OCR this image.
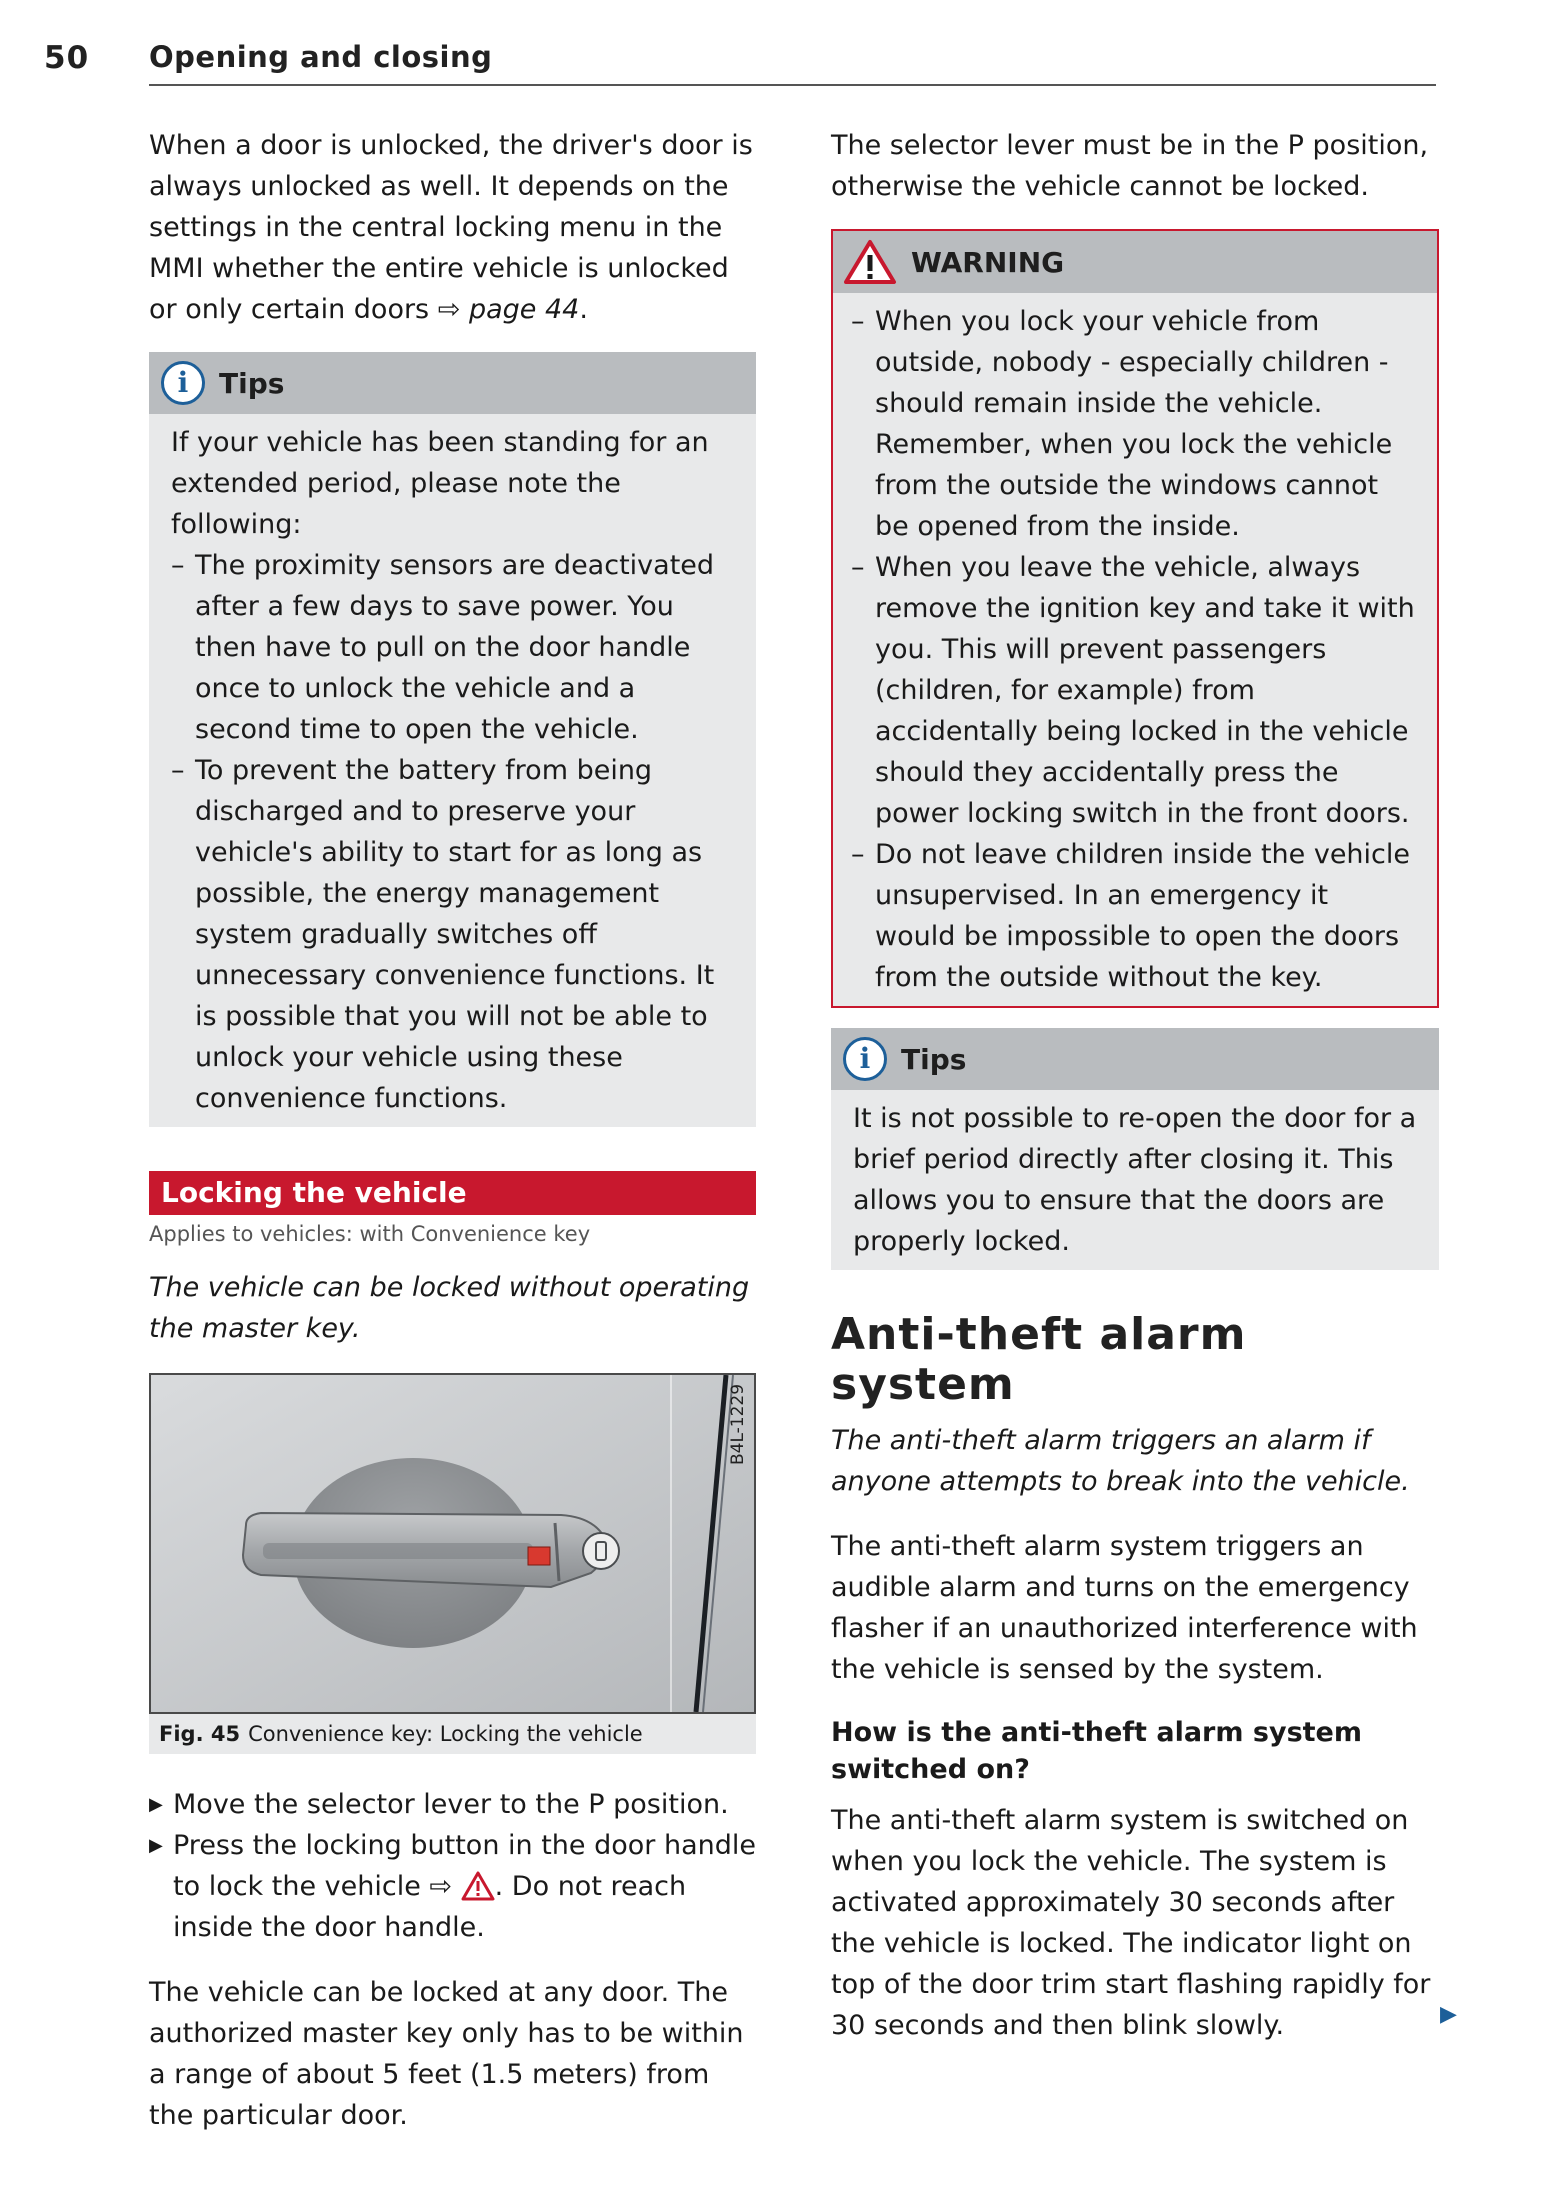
50 Opening and closing

When a door is unlocked, the driver's door is always unlocked as well. It depends on the settings in the central locking menu in the MMI whether the entire vehicle is unlocked or only certain doors ⇨ page 44.

i	Tips

If your vehicle has been standing for an extended period, please note the following:

– The proximity sensors are deactivated after a few days to save power. You then have to pull on the door handle once to unlock the vehicle and a second time to open the vehicle.
– To prevent the battery from being discharged and to preserve your vehicle's ability to start for as long as possible, the energy management system gradually switches off unnecessary convenience functions. It is possible that you will not be able to unlock your vehicle using these convenience functions.
Locking the vehicle
Applies to vehicles: with Convenience key

The vehicle can be locked without operating the master key.

B4L-1229
Fig. 45 Convenience key: Locking the vehicle
▶ Move the selector lever to the P position.
▶ Press the locking button in the door handle to lock the vehicle ⇨ . Do not reach inside the door handle.

The vehicle can be locked at any door. The authorized master key only has to be within a range of about 5 feet (1.5 meters) from the particular door.

The selector lever must be in the P position, otherwise the vehicle cannot be locked.

WARNING
– When you lock your vehicle from outside, nobody - especially children - should remain inside the vehicle. Remember, when you lock the vehicle from the outside the windows cannot be opened from the inside.
– When you leave the vehicle, always remove the ignition key and take it with you. This will prevent passengers (children, for example) from accidentally being locked in the vehicle should they accidentally press the power locking switch in the front doors.
– Do not leave children inside the vehicle unsupervised. In an emergency it would be impossible to open the doors from the outside without the key.
i	Tips

It is not possible to re-open the door for a brief period directly after closing it. This allows you to ensure that the doors are properly locked.

Anti-theft alarm
system

The anti-theft alarm triggers an alarm if anyone attempts to break into the vehicle.

The anti-theft alarm system triggers an audible alarm and turns on the emergency flasher if an unauthorized interference with the vehicle is sensed by the system.

How is the anti-theft alarm system switched on?

The anti-theft alarm system is switched on when you lock the vehicle. The system is activated approximately 30 seconds after the vehicle is locked. The indicator light on top of the door trim start flashing rapidly for 30 seconds and then blink slowly.	▶
